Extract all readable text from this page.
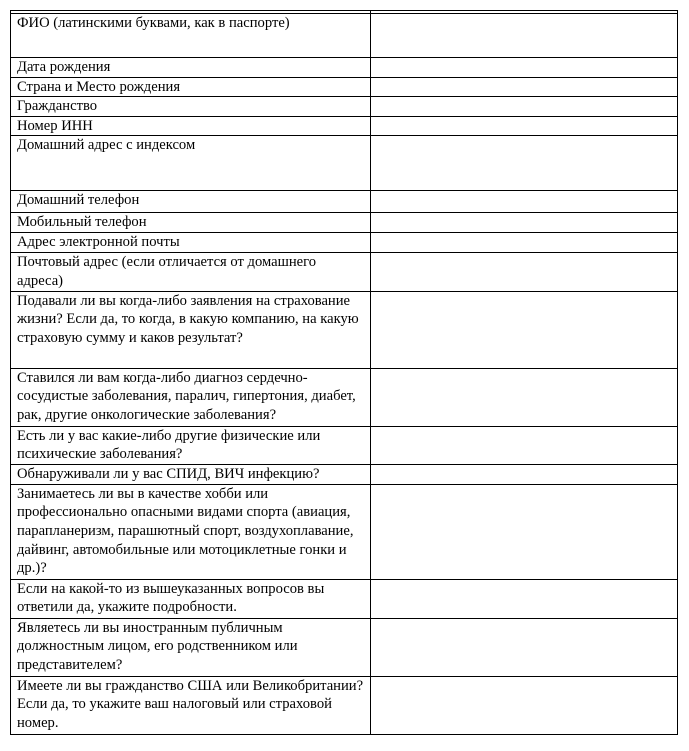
ФИО (латинскими буквами, как в паспорте)	
Дата рождения	
Страна и Место рождения	
Гражданство	
Номер ИНН	
Домашний адрес с индексом	
Домашний телефон	
Мобильный телефон	
Адрес электронной почты	
Почтовый адрес (если отличается от домашнего адреса)	
Подавали ли вы когда-либо заявления на страхование жизни? Если да, то когда, в какую компанию, на какую страховую сумму и каков результат?	
Ставился ли вам когда-либо диагноз сердечно-сосудистые заболевания, паралич, гипертония, диабет, рак, другие онкологические заболевания?	
Есть ли у вас какие-либо другие физические или психические заболевания?	
Обнаруживали ли у вас СПИД, ВИЧ инфекцию?	
Занимаетесь ли вы в качестве хобби или профессионально опасными видами спорта (авиация, парапланеризм, парашютный спорт, воздухоплавание, дайвинг, автомобильные или мотоциклетные гонки и др.)?	
Если на какой-то из вышеуказанных вопросов вы ответили да, укажите подробности.	
Являетесь ли вы иностранным публичным должностным лицом, его родственником или представителем?	
Имеете ли вы гражданство США или Великобритании? Если да, то укажите ваш налоговый или страховой номер.	
